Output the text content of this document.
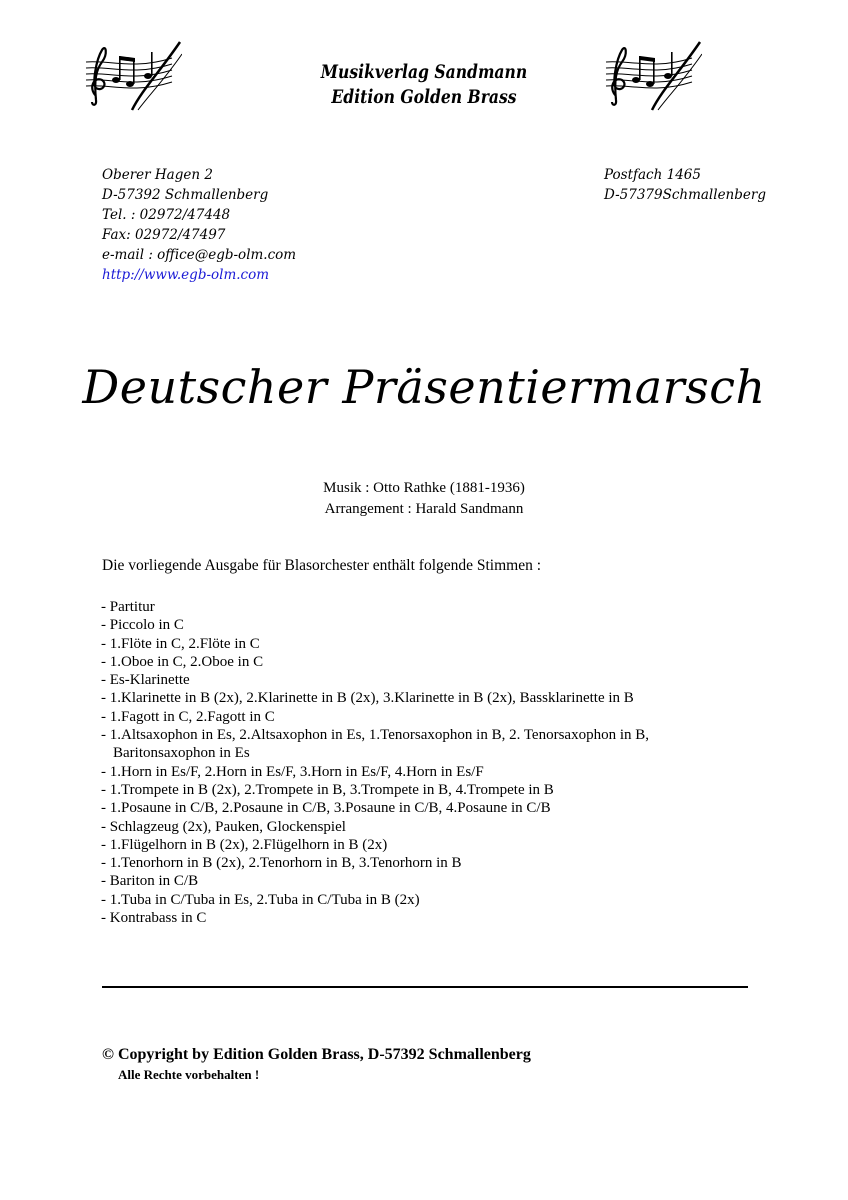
Musikverlag Sandmann
Edition Golden Brass
Oberer Hagen 2
D-57392 Schmallenberg
Tel. : 02972/47448
Fax: 02972/47497
e-mail : office@egb-olm.com
http://www.egb-olm.com
Postfach 1465
D-57379Schmallenberg
Deutscher Präsentiermarsch
Musik : Otto Rathke (1881-1936)
Arrangement : Harald Sandmann
Die vorliegende Ausgabe für Blasorchester enthält folgende Stimmen :
- Partitur
- Piccolo in C
- 1.Flöte in C, 2.Flöte in C
- 1.Oboe in C, 2.Oboe in C
- Es-Klarinette
- 1.Klarinette in B (2x), 2.Klarinette in B (2x), 3.Klarinette in B (2x), Bassklarinette in B
- 1.Fagott in C, 2.Fagott in C
- 1.Altsaxophon in Es, 2.Altsaxophon in Es, 1.Tenorsaxophon in B, 2. Tenorsaxophon in B, Baritonsaxophon in Es
- 1.Horn in Es/F, 2.Horn in Es/F, 3.Horn in Es/F, 4.Horn in Es/F
- 1.Trompete in B (2x), 2.Trompete in B, 3.Trompete in B, 4.Trompete in B
- 1.Posaune in C/B, 2.Posaune in C/B, 3.Posaune in C/B, 4.Posaune in C/B
- Schlagzeug (2x), Pauken, Glockenspiel
- 1.Flügelhorn in B (2x), 2.Flügelhorn in B (2x)
- 1.Tenorhorn in B (2x), 2.Tenorhorn in B, 3.Tenorhorn in B
- Bariton in C/B
- 1.Tuba in C/Tuba in Es, 2.Tuba in C/Tuba in B (2x)
- Kontrabass in C
© Copyright by Edition Golden Brass, D-57392 Schmallenberg
Alle Rechte vorbehalten !
